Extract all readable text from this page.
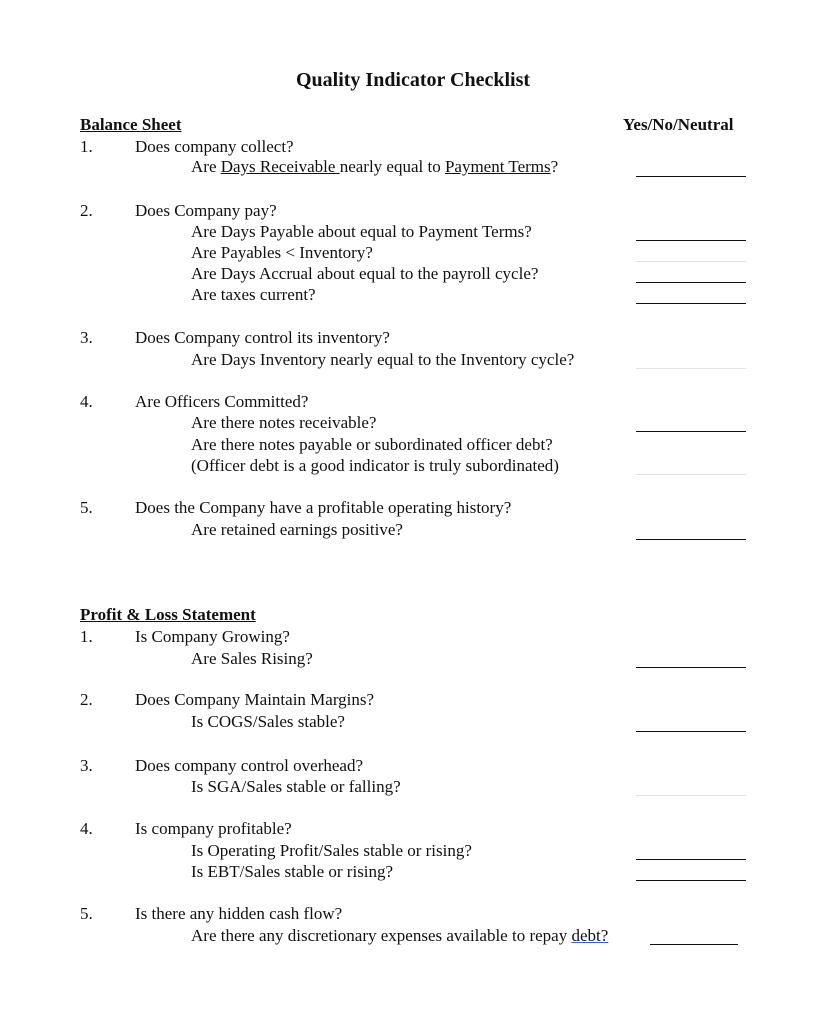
Quality Indicator Checklist
Balance Sheet	Yes/No/Neutral
1. Does company collect?
Are Days Receivable nearly equal to Payment Terms?
2. Does Company pay?
Are Days Payable about equal to Payment Terms?
Are Payables < Inventory?
Are Days Accrual about equal to the payroll cycle?
Are taxes current?
3. Does Company control its inventory?
Are Days Inventory nearly equal to the Inventory cycle?
4. Are Officers Committed?
Are there notes receivable?
Are there notes payable or subordinated officer debt?
(Officer debt is a good indicator is truly subordinated)
5. Does the Company have a profitable operating history?
Are retained earnings positive?
Profit & Loss Statement
1. Is Company Growing?
Are Sales Rising?
2. Does Company Maintain Margins?
Is COGS/Sales stable?
3. Does company control overhead?
Is SGA/Sales stable or falling?
4. Is company profitable?
Is Operating Profit/Sales stable or rising?
Is EBT/Sales stable or rising?
5. Is there any hidden cash flow?
Are there any discretionary expenses available to repay debt?
